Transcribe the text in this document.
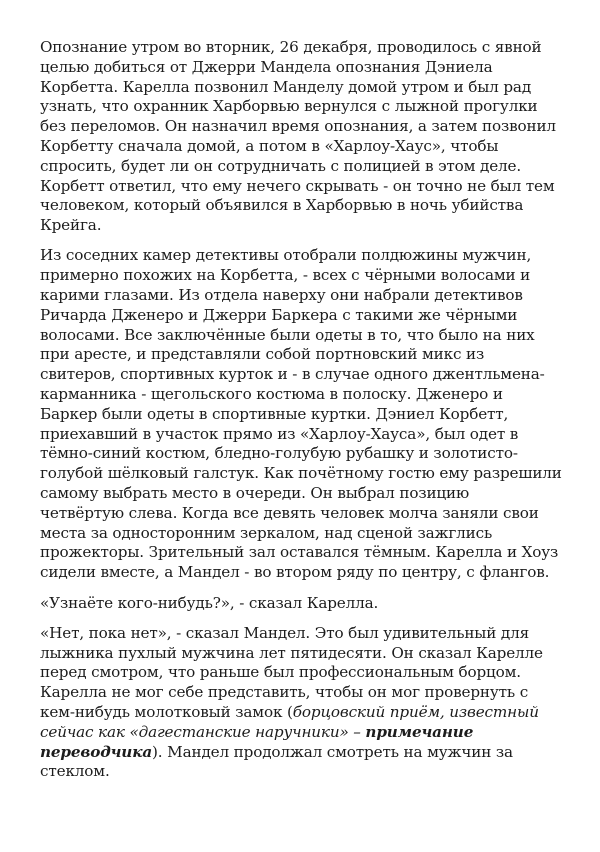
Опознание утром во вторник, 26 декабря, проводилось с явной
целью добиться от Джерри Мандела опознания Дэниела
Корбетта. Карелла позвонил Манделу домой утром и был рад
узнать, что охранник Харборвью вернулся с лыжной прогулки
без переломов. Он назначил время опознания, а затем позвонил
Корбетту сначала домой, а потом в «Харлоу-Хаус», чтобы
спросить, будет ли он сотрудничать с полицией в этом деле.
Корбетт ответил, что ему нечего скрывать - он точно не был тем
человеком, который объявился в Харборвью в ночь убийства
Крейга.

Из соседних камер детективы отобрали полдюжины мужчин,
примерно похожих на Корбетта, - всех с чёрными волосами и
карими глазами. Из отдела наверху они набрали детективов
Ричарда Дженеро и Джерри Баркера с такими же чёрными
волосами. Все заключённые были одеты в то, что было на них
при аресте, и представляли собой портновский микс из
свитеров, спортивных курток и - в случае одного джентльмена-
карманника - щегольского костюма в полоску. Дженеро и
Баркер были одеты в спортивные куртки. Дэниел Корбетт,
приехавший в участок прямо из «Харлоу-Хауса», был одет в
тёмно-синий костюм, бледно-голубую рубашку и золотисто-
голубой шёлковый галстук. Как почётному гостю ему разрешили
самому выбрать место в очереди. Он выбрал позицию
четвёртую слева. Когда все девять человек молча заняли свои
места за односторонним зеркалом, над сценой зажглись
прожекторы. Зрительный зал оставался тёмным. Карелла и Хоуз
сидели вместе, а Мандел - во втором ряду по центру, с флангов.

«Узнаёте кого-нибудь?», - сказал Карелла.

«Нет, пока нет», - сказал Мандел. Это был удивительный для
лыжника пухлый мужчина лет пятидесяти. Он сказал Карелле
перед смотром, что раньше был профессиональным борцом.
Карелла не мог себе представить, чтобы он мог провернуть с
кем-нибудь молотковый замок (борцовский приём, известный
сейчас как «дагестанские наручники» – примечание
переводчика). Мандел продолжал смотреть на мужчин за
стеклом.
